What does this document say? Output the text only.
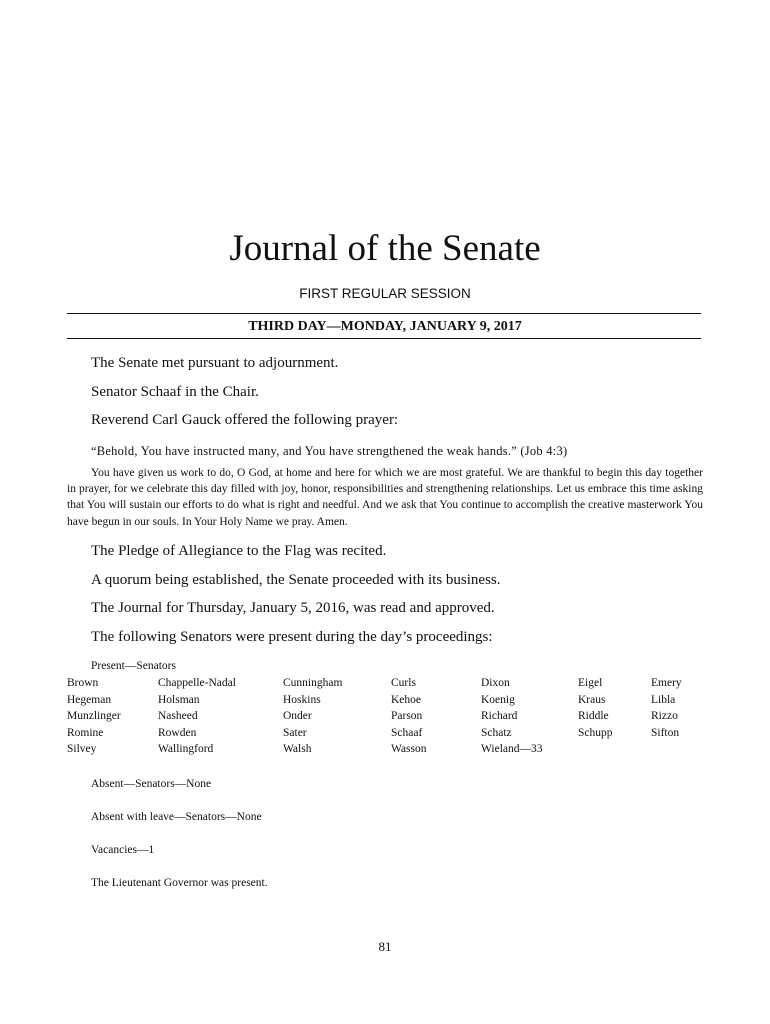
Journal of the Senate
FIRST REGULAR SESSION
THIRD DAY—MONDAY, JANUARY 9, 2017
The Senate met pursuant to adjournment.
Senator Schaaf in the Chair.
Reverend Carl Gauck offered the following prayer:
“Behold, You have instructed many, and You have strengthened the weak hands.” (Job 4:3)
You have given us work to do, O God, at home and here for which we are most grateful. We are thankful to begin this day together in prayer, for we celebrate this day filled with joy, honor, responsibilities and strengthening relationships. Let us embrace this time asking that You will sustain our efforts to do what is right and needful. And we ask that You continue to accomplish the creative masterwork You have begun in our souls. In Your Holy Name we pray. Amen.
The Pledge of Allegiance to the Flag was recited.
A quorum being established, the Senate proceeded with its business.
The Journal for Thursday, January 5, 2016, was read and approved.
The following Senators were present during the day’s proceedings:
Present—Senators
Brown	Chappelle-Nadal	Cunningham	Curls	Dixon	Eigel	Emery
Hegeman	Holsman	Hoskins	Kehoe	Koenig	Kraus	Libla
Munzlinger	Nasheed	Onder	Parson	Richard	Riddle	Rizzo
Romine	Rowden	Sater	Schaaf	Schatz	Schupp	Sifton
Silvey	Wallingford	Walsh	Wasson	Wieland—33
Absent—Senators—None
Absent with leave—Senators—None
Vacancies—1
The Lieutenant Governor was present.
81
